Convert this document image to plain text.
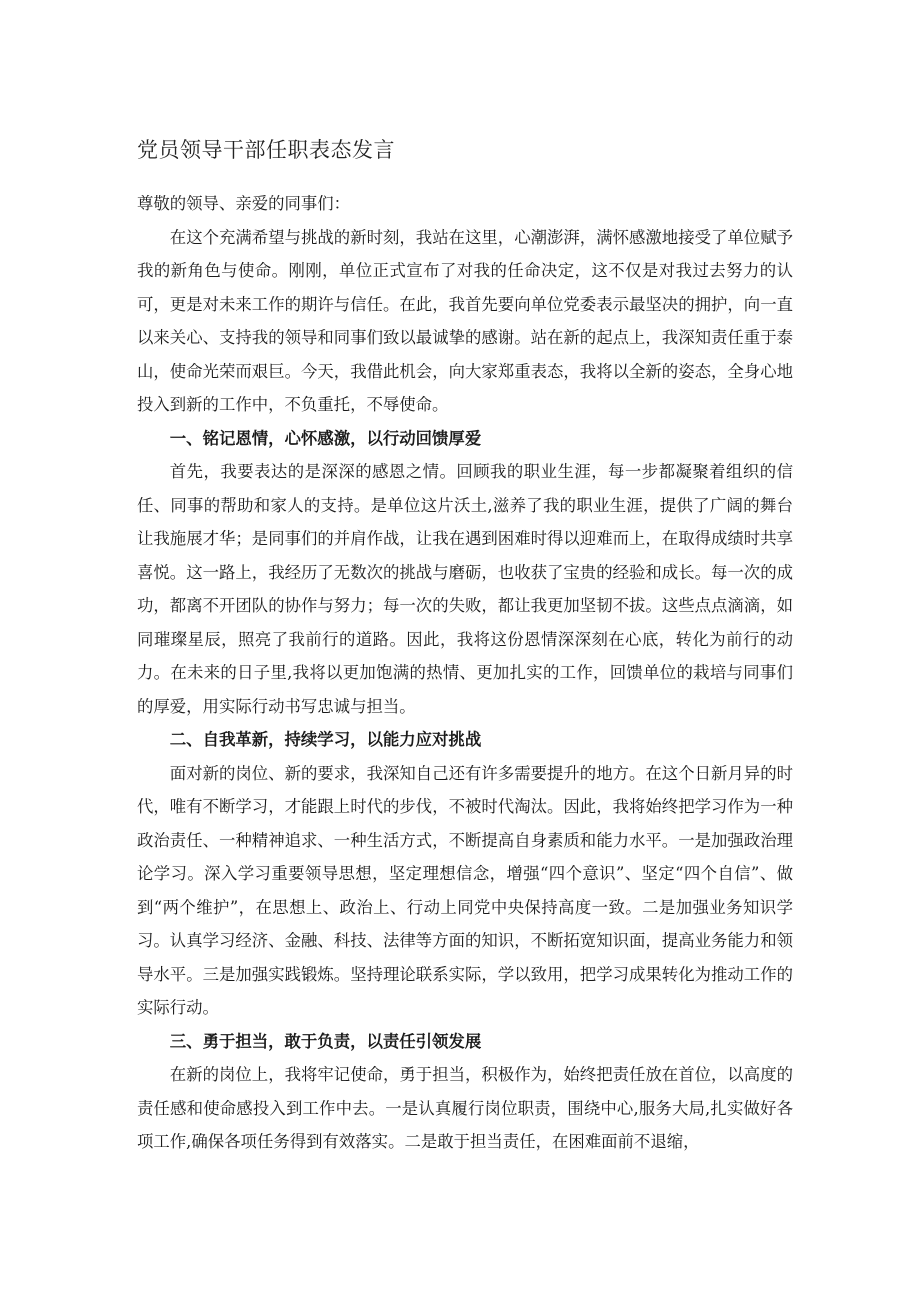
党员领导干部任职表态发言

尊敬的领导、亲爱的同事们：

在这个充满希望与挑战的新时刻，我站在这里，心潮澎湃，满怀感激地接受了单位赋予我的新角色与使命。刚刚，单位正式宣布了对我的任命决定，这不仅是对我过去努力的认可，更是对未来工作的期许与信任。在此，我首先要向单位党委表示最坚决的拥护，向一直以来关心、支持我的领导和同事们致以最诚挚的感谢。站在新的起点上，我深知责任重于泰山，使命光荣而艰巨。今天，我借此机会，向大家郑重表态，我将以全新的姿态，全身心地投入到新的工作中，不负重托，不辱使命。

一、铭记恩情，心怀感激，以行动回馈厚爱

首先，我要表达的是深深的感恩之情。回顾我的职业生涯，每一步都凝聚着组织的信任、同事的帮助和家人的支持。是单位这片沃土,滋养了我的职业生涯，提供了广阔的舞台让我施展才华；是同事们的并肩作战，让我在遇到困难时得以迎难而上，在取得成绩时共享喜悦。这一路上，我经历了无数次的挑战与磨砺，也收获了宝贵的经验和成长。每一次的成功，都离不开团队的协作与努力；每一次的失败，都让我更加坚韧不拔。这些点点滴滴，如同璀璨星辰，照亮了我前行的道路。因此，我将这份恩情深深刻在心底，转化为前行的动力。在未来的日子里,我将以更加饱满的热情、更加扎实的工作，回馈单位的栽培与同事们的厚爱，用实际行动书写忠诚与担当。

二、自我革新，持续学习，以能力应对挑战

面对新的岗位、新的要求，我深知自己还有许多需要提升的地方。在这个日新月异的时代，唯有不断学习，才能跟上时代的步伐，不被时代淘汰。因此，我将始终把学习作为一种政治责任、一种精神追求、一种生活方式，不断提高自身素质和能力水平。一是加强政治理论学习。深入学习重要领导思想，坚定理想信念，增强“四个意识”、坚定“四个自信”、做到“两个维护”，在思想上、政治上、行动上同党中央保持高度一致。二是加强业务知识学习。认真学习经济、金融、科技、法律等方面的知识，不断拓宽知识面，提高业务能力和领导水平。三是加强实践锻炼。坚持理论联系实际，学以致用，把学习成果转化为推动工作的实际行动。

三、勇于担当，敢于负责，以责任引领发展

在新的岗位上，我将牢记使命，勇于担当，积极作为，始终把责任放在首位，以高度的责任感和使命感投入到工作中去。一是认真履行岗位职责，围绕中心,服务大局,扎实做好各项工作,确保各项任务得到有效落实。二是敢于担当责任，在困难面前不退缩，
